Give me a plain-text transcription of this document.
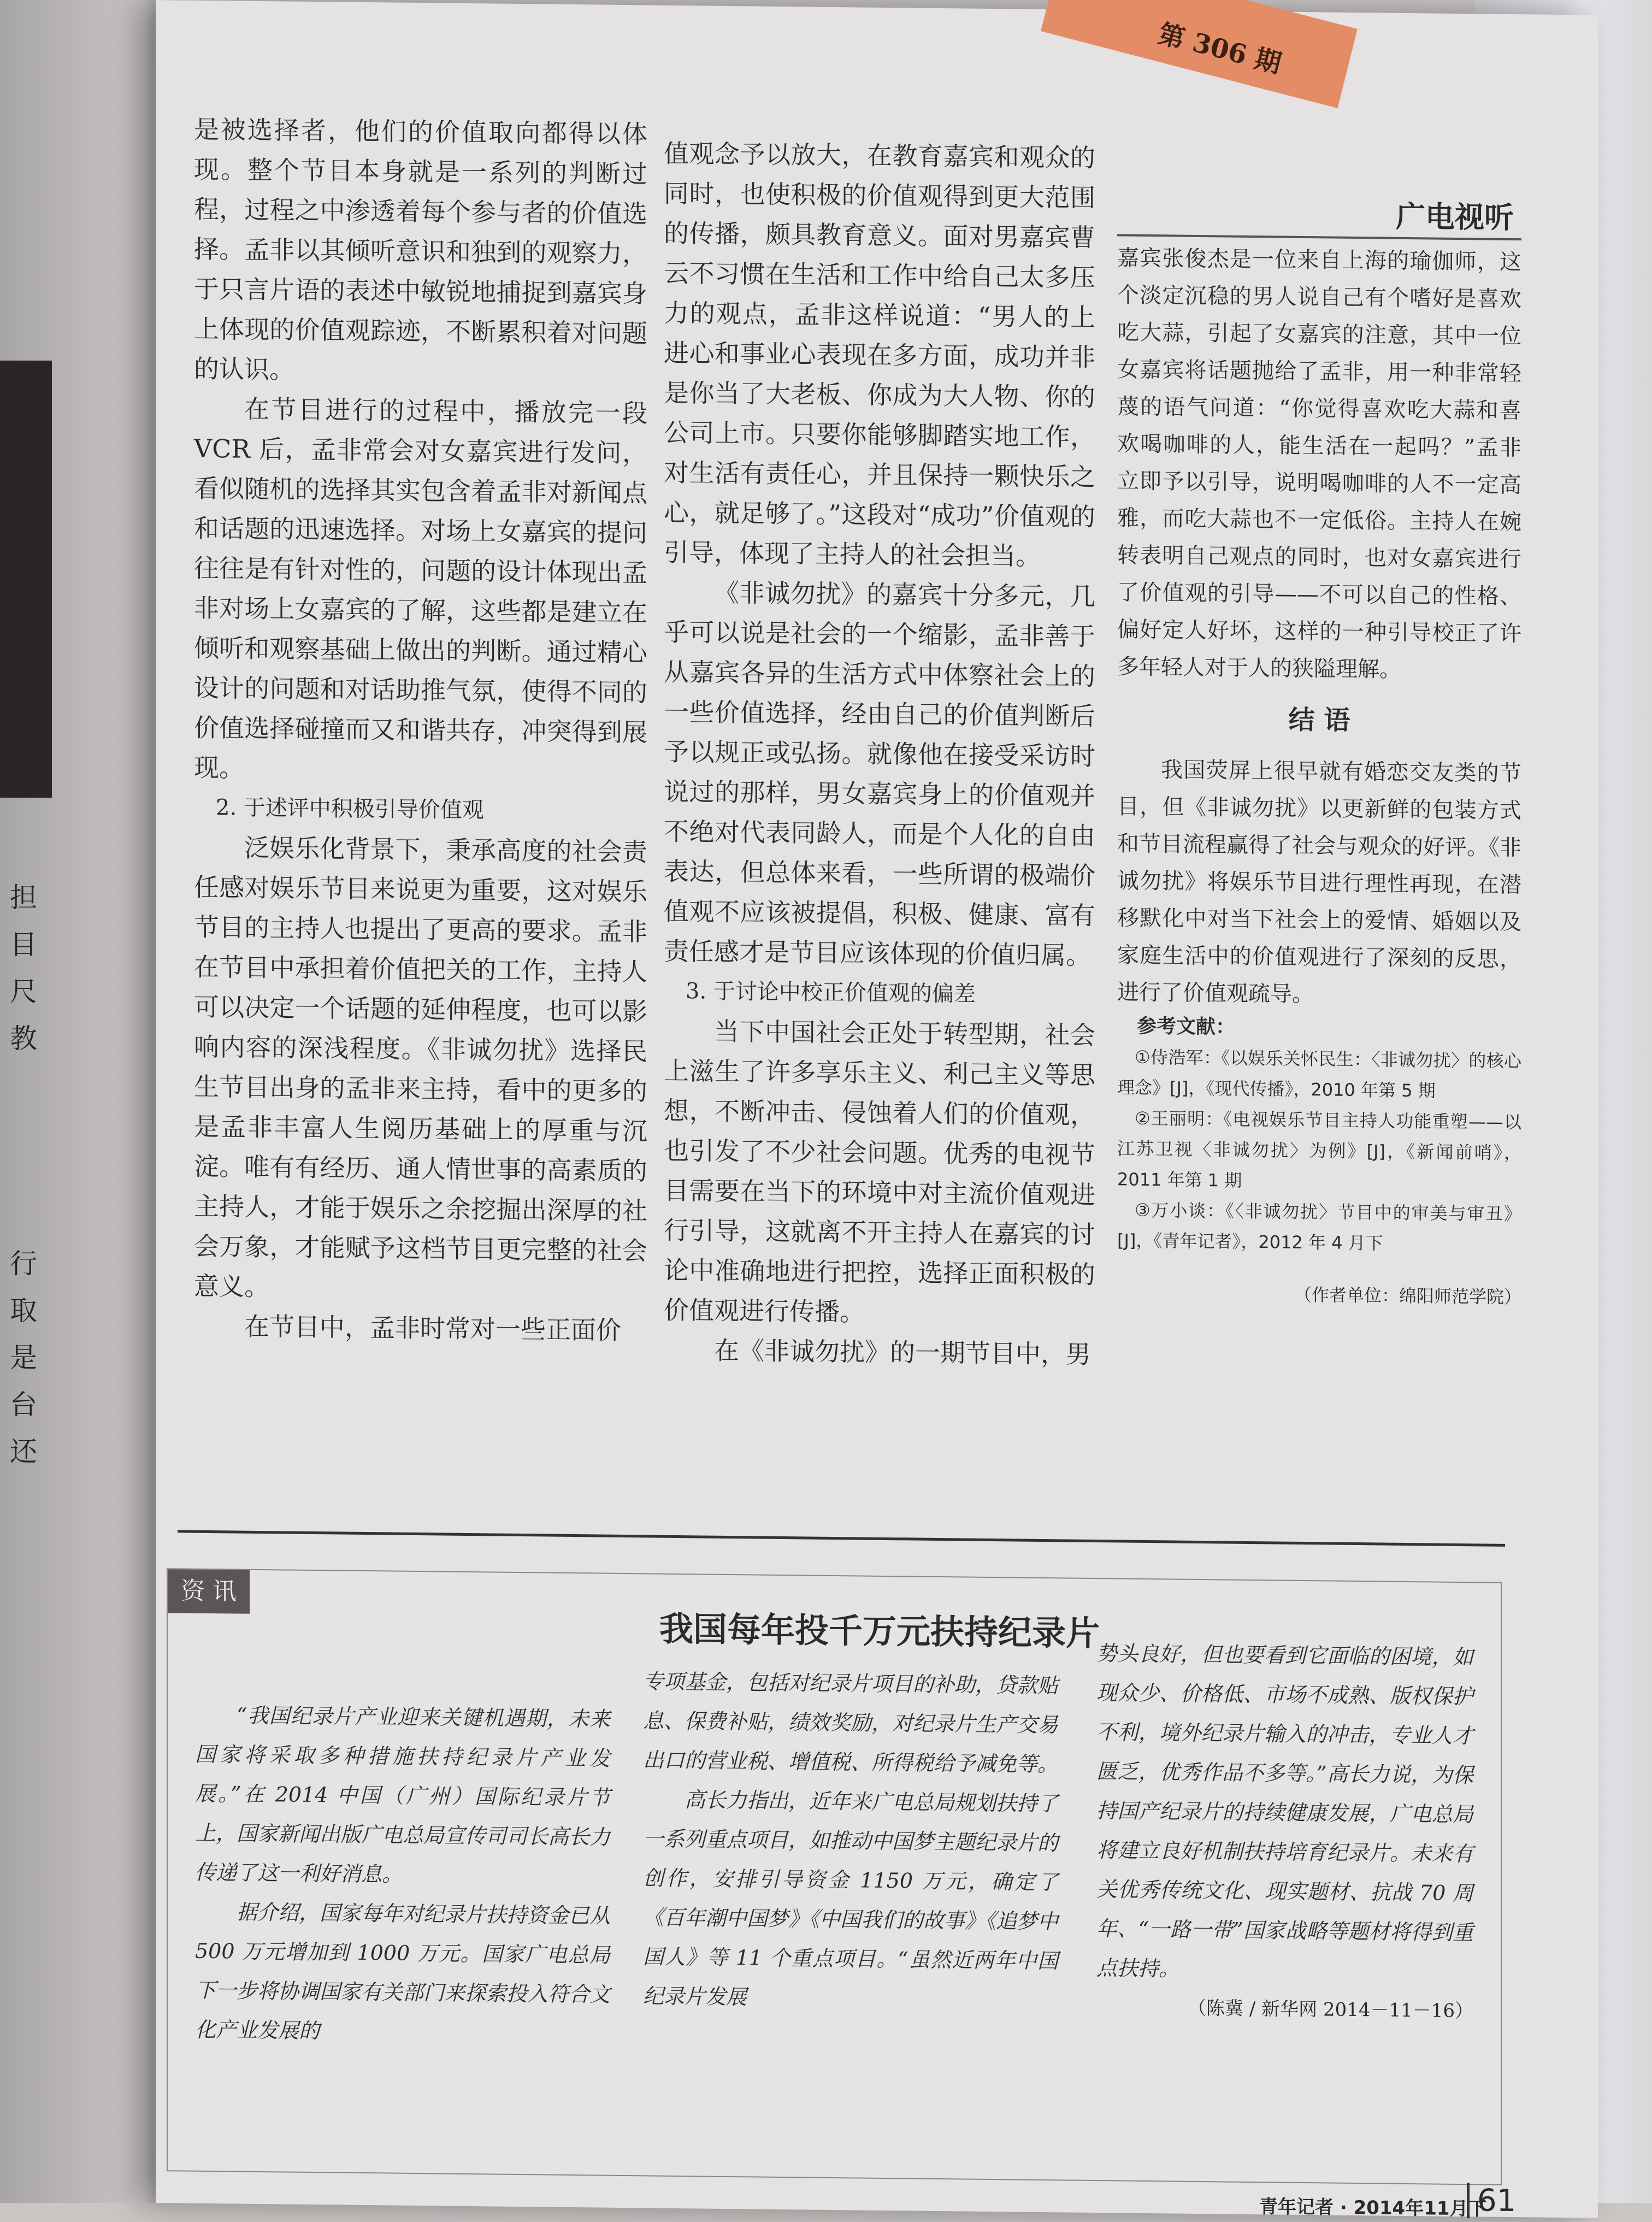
担
目
尺
教
行
取
是
台
还
第 306 期
广电视听

是被选择者，他们的价值取向都得以体现。整个节目本身就是一系列的判断过程，过程之中渗透着每个参与者的价值选择。孟非以其倾听意识和独到的观察力，于只言片语的表述中敏锐地捕捉到嘉宾身上体现的价值观踪迹，不断累积着对问题的认识。

在节目进行的过程中，播放完一段 VCR 后，孟非常会对女嘉宾进行发问，看似随机的选择其实包含着孟非对新闻点和话题的迅速选择。对场上女嘉宾的提问往往是有针对性的，问题的设计体现出孟非对场上女嘉宾的了解，这些都是建立在倾听和观察基础上做出的判断。通过精心设计的问题和对话助推气氛，使得不同的价值选择碰撞而又和谐共存，冲突得到展现。

2. 于述评中积极引导价值观

泛娱乐化背景下，秉承高度的社会责任感对娱乐节目来说更为重要，这对娱乐节目的主持人也提出了更高的要求。孟非在节目中承担着价值把关的工作，主持人可以决定一个话题的延伸程度，也可以影响内容的深浅程度。《非诚勿扰》选择民生节目出身的孟非来主持，看中的更多的是孟非丰富人生阅历基础上的厚重与沉淀。唯有有经历、通人情世事的高素质的主持人，才能于娱乐之余挖掘出深厚的社会万象，才能赋予这档节目更完整的社会意义。

在节目中，孟非时常对一些正面价

值观念予以放大，在教育嘉宾和观众的同时，也使积极的价值观得到更大范围的传播，颇具教育意义。面对男嘉宾曹云不习惯在生活和工作中给自己太多压力的观点，孟非这样说道：“男人的上进心和事业心表现在多方面，成功并非是你当了大老板、你成为大人物、你的公司上市。只要你能够脚踏实地工作，对生活有责任心，并且保持一颗快乐之心，就足够了。”这段对“成功”价值观的引导，体现了主持人的社会担当。

《非诚勿扰》的嘉宾十分多元，几乎可以说是社会的一个缩影，孟非善于从嘉宾各异的生活方式中体察社会上的一些价值选择，经由自己的价值判断后予以规正或弘扬。就像他在接受采访时说过的那样，男女嘉宾身上的价值观并不绝对代表同龄人，而是个人化的自由表达，但总体来看，一些所谓的极端价值观不应该被提倡，积极、健康、富有责任感才是节目应该体现的价值归属。

3. 于讨论中校正价值观的偏差

当下中国社会正处于转型期，社会上滋生了许多享乐主义、利己主义等思想，不断冲击、侵蚀着人们的价值观，也引发了不少社会问题。优秀的电视节目需要在当下的环境中对主流价值观进行引导，这就离不开主持人在嘉宾的讨论中准确地进行把控，选择正面积极的价值观进行传播。

在《非诚勿扰》的一期节目中，男

嘉宾张俊杰是一位来自上海的瑜伽师，这个淡定沉稳的男人说自己有个嗜好是喜欢吃大蒜，引起了女嘉宾的注意，其中一位女嘉宾将话题抛给了孟非，用一种非常轻蔑的语气问道：“你觉得喜欢吃大蒜和喜欢喝咖啡的人，能生活在一起吗？”孟非立即予以引导，说明喝咖啡的人不一定高雅，而吃大蒜也不一定低俗。主持人在婉转表明自己观点的同时，也对女嘉宾进行了价值观的引导——不可以自己的性格、偏好定人好坏，这样的一种引导校正了许多年轻人对于人的狭隘理解。

结 语

我国荧屏上很早就有婚恋交友类的节目，但《非诚勿扰》以更新鲜的包装方式和节目流程赢得了社会与观众的好评。《非诚勿扰》将娱乐节目进行理性再现，在潜移默化中对当下社会上的爱情、婚姻以及家庭生活中的价值观进行了深刻的反思，进行了价值观疏导。

参考文献：

①侍浩军：《以娱乐关怀民生：〈非诚勿扰〉的核心理念》[J]，《现代传播》，2010 年第 5 期

②王丽明：《电视娱乐节目主持人功能重塑——以江苏卫视〈非诚勿扰〉为例》[J]，《新闻前哨》，2011 年第 1 期

③万小谈：《〈非诚勿扰〉节目中的审美与审丑》[J]，《青年记者》，2012 年 4 月下

（作者单位：绵阳师范学院）
资 讯
我国每年投千万元扶持纪录片

“我国纪录片产业迎来关键机遇期，未来国家将采取多种措施扶持纪录片产业发展。”在 2014 中国（广州）国际纪录片节上，国家新闻出版广电总局宣传司司长高长力传递了这一利好消息。

据介绍，国家每年对纪录片扶持资金已从 500 万元增加到 1000 万元。国家广电总局下一步将协调国家有关部门来探索投入符合文化产业发展的

专项基金，包括对纪录片项目的补助，贷款贴息、保费补贴，绩效奖励，对纪录片生产交易出口的营业税、增值税、所得税给予减免等。

高长力指出，近年来广电总局规划扶持了一系列重点项目，如推动中国梦主题纪录片的创作，安排引导资金 1150 万元，确定了《百年潮中国梦》《中国我们的故事》《追梦中国人》等 11 个重点项目。“虽然近两年中国纪录片发展

势头良好，但也要看到它面临的困境，如现众少、价格低、市场不成熟、版权保护不利，境外纪录片输入的冲击，专业人才匮乏，优秀作品不多等。”高长力说，为保持国产纪录片的持续健康发展，广电总局将建立良好机制扶持培育纪录片。未来有关优秀传统文化、现实题材、抗战 70 周年、“一路一带”国家战略等题材将得到重点扶持。

（陈冀 / 新华网 2014－11－16）
青年记者 · 2014年11月下
61
